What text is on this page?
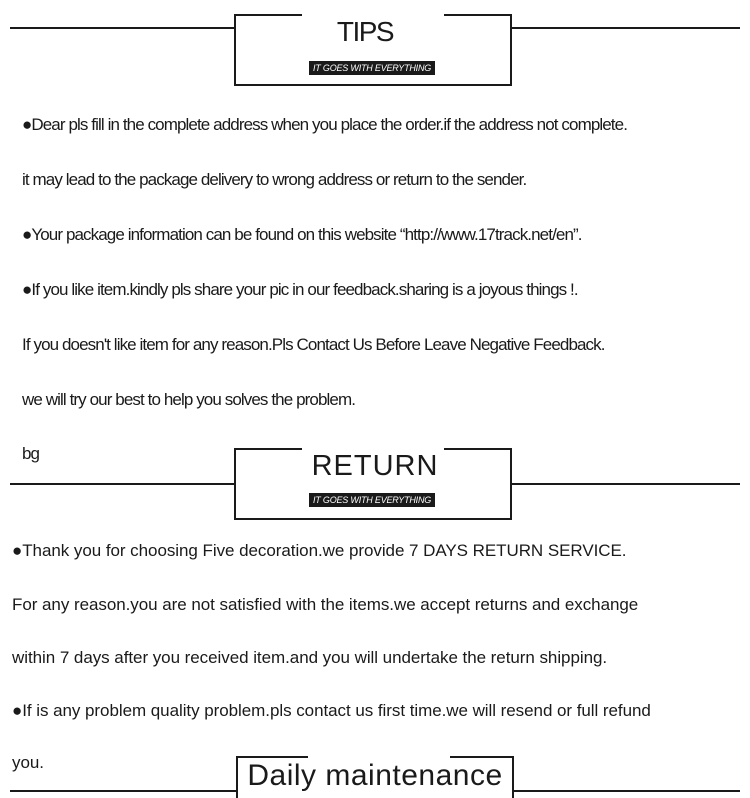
TIPS
IT GOES WITH EVERYTHING
●Dear pls fill in the complete address when you place the order.if the address not complete.
it may lead to the package delivery to wrong address or return to the sender.
●Your package information can be found on this website “http://www.17track.net/en”.
●If you like item.kindly pls share your pic in our feedback.sharing is a joyous things !.
If you doesn't like item for any reason.Pls Contact Us Before Leave Negative Feedback.
we will try our best to help you solves the problem.
bg	RETURN
IT GOES WITH EVERYTHING
●Thank you for choosing Five decoration.we provide 7 DAYS RETURN SERVICE.
For any reason.you are not satisfied with the items.we accept returns and exchange
within 7 days after you received item.and you will undertake the return shipping.
●If is any problem quality problem.pls contact us first time.we will resend or full refund
you.	Daily maintenance
